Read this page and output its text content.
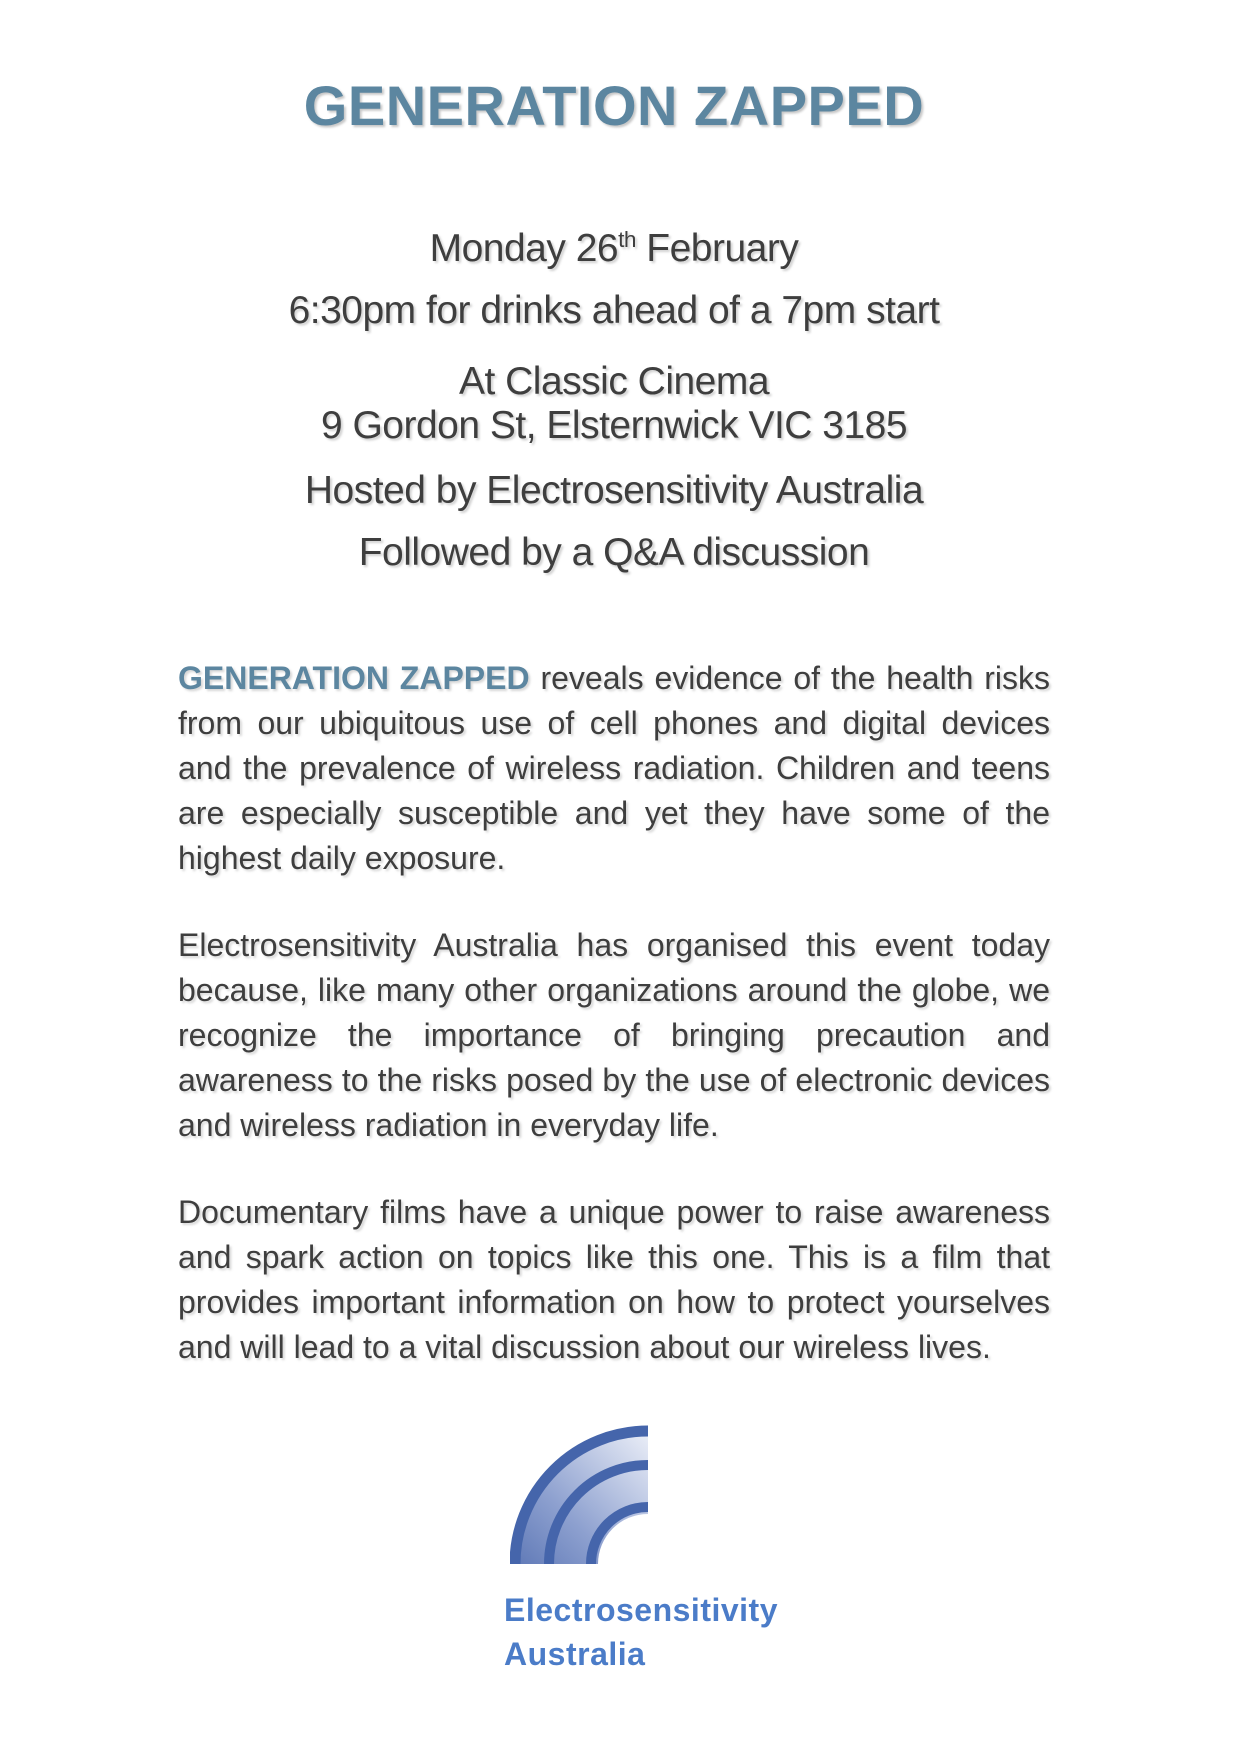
GENERATION ZAPPED
Monday 26th February
6:30pm for drinks ahead of a 7pm start
At Classic Cinema
9 Gordon St, Elsternwick VIC 3185
Hosted by Electrosensitivity Australia
Followed by a Q&A discussion

GENERATION ZAPPED reveals evidence of the health risks from our ubiquitous use of cell phones and digital devices and the prevalence of wireless radiation. Children and teens are especially susceptible and yet they have some of the highest daily exposure.

Electrosensitivity Australia has organised this event today because, like many other organizations around the globe, we recognize the importance of bringing precaution and awareness to the risks posed by the use of electronic devices and wireless radiation in everyday life.

Documentary films have a unique power to raise awareness and spark action on topics like this one. This is a film that provides important information on how to protect yourselves and will lead to a vital discussion about our wireless lives.

Electrosensitivity
Australia
